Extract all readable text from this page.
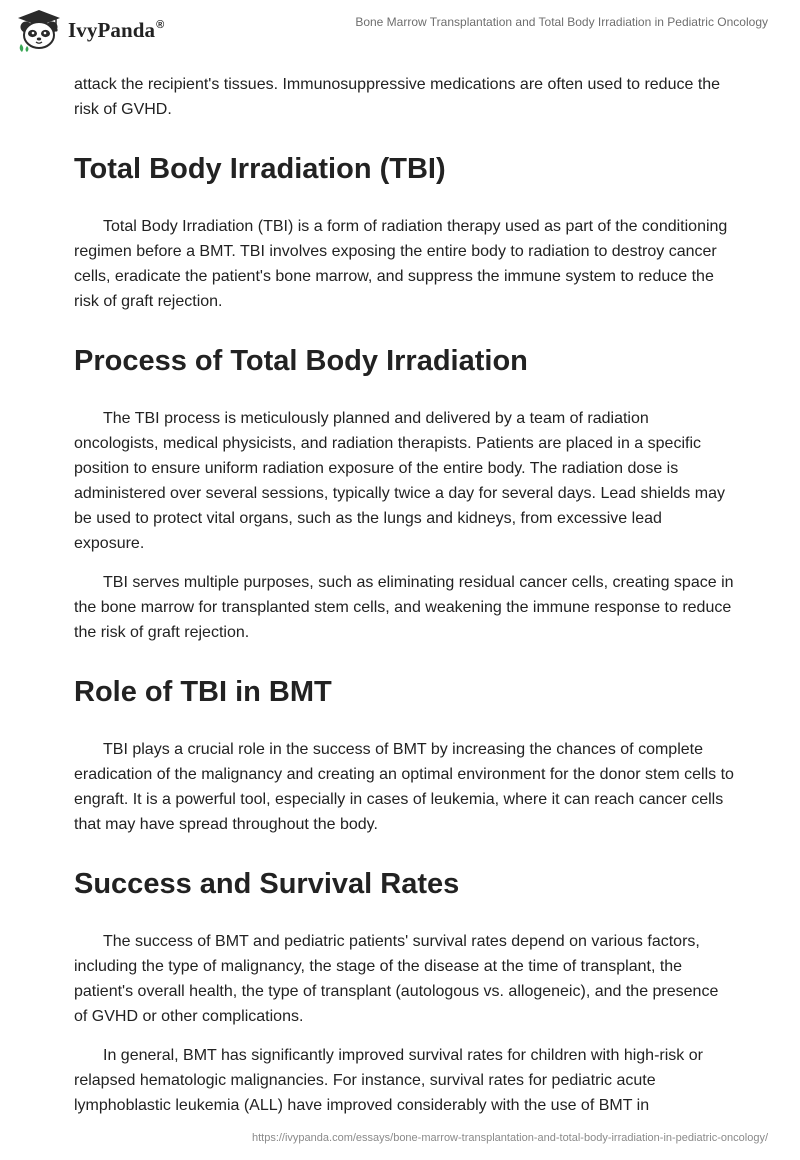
IvyPanda®	Bone Marrow Transplantation and Total Body Irradiation in Pediatric Oncology

attack the recipient's tissues. Immunosuppressive medications are often used to reduce the risk of GVHD.

Total Body Irradiation (TBI)

Total Body Irradiation (TBI) is a form of radiation therapy used as part of the conditioning regimen before a BMT. TBI involves exposing the entire body to radiation to destroy cancer cells, eradicate the patient's bone marrow, and suppress the immune system to reduce the risk of graft rejection.

Process of Total Body Irradiation

The TBI process is meticulously planned and delivered by a team of radiation oncologists, medical physicists, and radiation therapists. Patients are placed in a specific position to ensure uniform radiation exposure of the entire body. The radiation dose is administered over several sessions, typically twice a day for several days. Lead shields may be used to protect vital organs, such as the lungs and kidneys, from excessive lead exposure.

TBI serves multiple purposes, such as eliminating residual cancer cells, creating space in the bone marrow for transplanted stem cells, and weakening the immune response to reduce the risk of graft rejection.

Role of TBI in BMT

TBI plays a crucial role in the success of BMT by increasing the chances of complete eradication of the malignancy and creating an optimal environment for the donor stem cells to engraft. It is a powerful tool, especially in cases of leukemia, where it can reach cancer cells that may have spread throughout the body.

Success and Survival Rates

The success of BMT and pediatric patients' survival rates depend on various factors, including the type of malignancy, the stage of the disease at the time of transplant, the patient's overall health, the type of transplant (autologous vs. allogeneic), and the presence of GVHD or other complications.

In general, BMT has significantly improved survival rates for children with high-risk or relapsed hematologic malignancies. For instance, survival rates for pediatric acute lymphoblastic leukemia (ALL) have improved considerably with the use of BMT in

https://ivypanda.com/essays/bone-marrow-transplantation-and-total-body-irradiation-in-pediatric-oncology/
